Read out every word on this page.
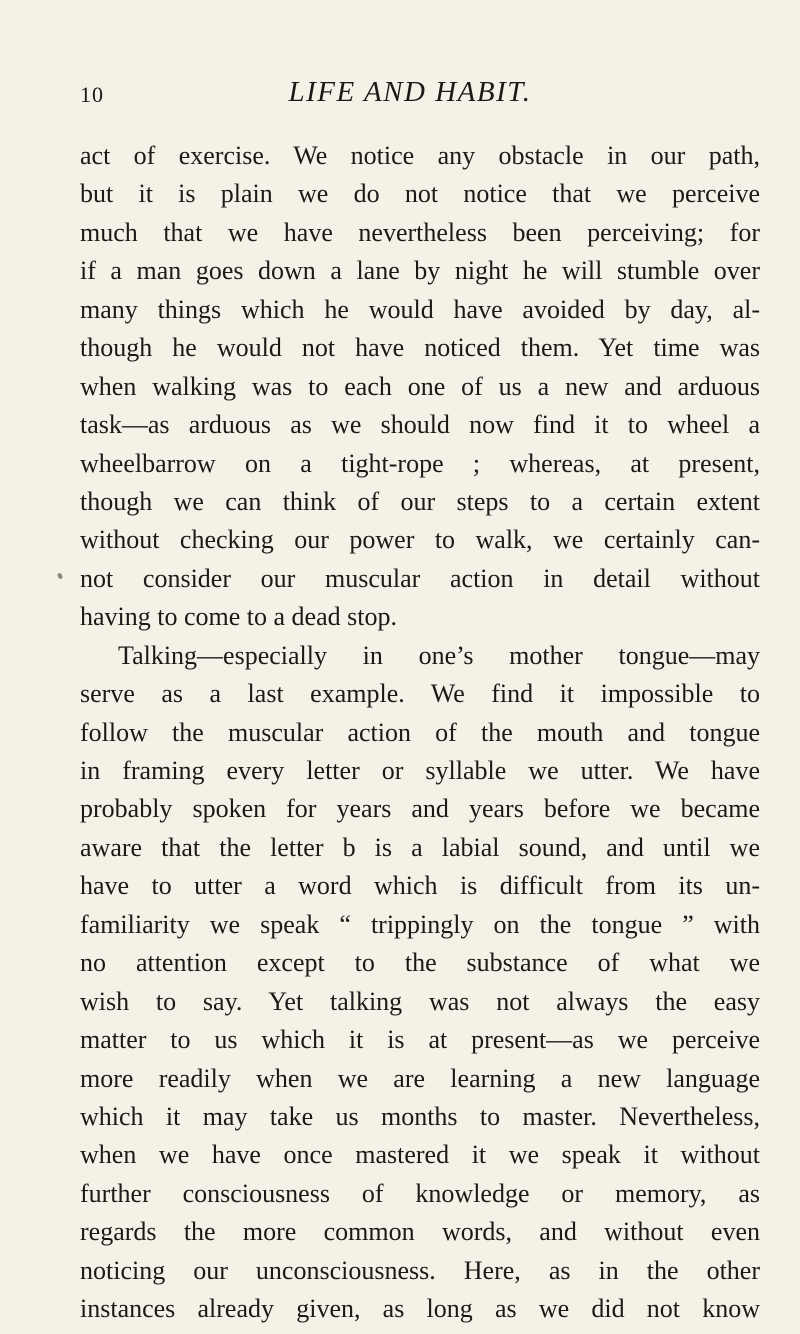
10	LIFE AND HABIT.
act of exercise. We notice any obstacle in our path,
but it is plain we do not notice that we perceive
much that we have nevertheless been perceiving; for
if a man goes down a lane by night he will stumble over
many things which he would have avoided by day, al-
though he would not have noticed them. Yet time was
when walking was to each one of us a new and arduous
task—as arduous as we should now find it to wheel a
wheelbarrow on a tight-rope ; whereas, at present,
though we can think of our steps to a certain extent
without checking our power to walk, we certainly can-
not consider our muscular action in detail without
having to come to a dead stop.
Talking—especially in one’s mother tongue—may
serve as a last example. We find it impossible to
follow the muscular action of the mouth and tongue
in framing every letter or syllable we utter. We have
probably spoken for years and years before we became
aware that the letter b is a labial sound, and until we
have to utter a word which is difficult from its un-
familiarity we speak “ trippingly on the tongue ” with
no attention except to the substance of what we
wish to say. Yet talking was not always the easy
matter to us which it is at present—as we perceive
more readily when we are learning a new language
which it may take us months to master. Nevertheless,
when we have once mastered it we speak it without
further consciousness of knowledge or memory, as
regards the more common words, and without even
noticing our unconsciousness. Here, as in the other
instances already given, as long as we did not know
